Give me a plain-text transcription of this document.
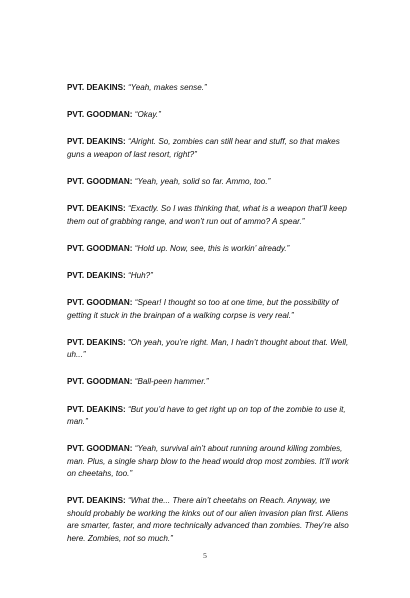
PVT. DEAKINS: “Yeah, makes sense.”

PVT. GOODMAN: “Okay.”

PVT. DEAKINS: “Alright. So, zombies can still hear and stuff, so that makes guns a weapon of last resort, right?”

PVT. GOODMAN: “Yeah, yeah, solid so far. Ammo, too.”

PVT. DEAKINS: “Exactly. So I was thinking that, what is a weapon that’ll keep them out of grabbing range, and won’t run out of ammo? A spear.”

PVT. GOODMAN: “Hold up. Now, see, this is workin’ already.”

PVT. DEAKINS: “Huh?”

PVT. GOODMAN: “Spear! I thought so too at one time, but the possibility of getting it stuck in the brainpan of a walking corpse is very real.”

PVT. DEAKINS: “Oh yeah, you’re right. Man, I hadn’t thought about that. Well, uh...”

PVT. GOODMAN: “Ball-peen hammer.”

PVT. DEAKINS: “But you’d have to get right up on top of the zombie to use it, man.”

PVT. GOODMAN: “Yeah, survival ain’t about running around killing zombies, man. Plus, a single sharp blow to the head would drop most zombies. It’ll work on cheetahs, too.”

PVT. DEAKINS: “What the... There ain’t cheetahs on Reach. Anyway, we should probably be working the kinks out of our alien invasion plan first. Aliens are smarter, faster, and more technically advanced than zombies. They’re also here. Zombies, not so much.”

5
